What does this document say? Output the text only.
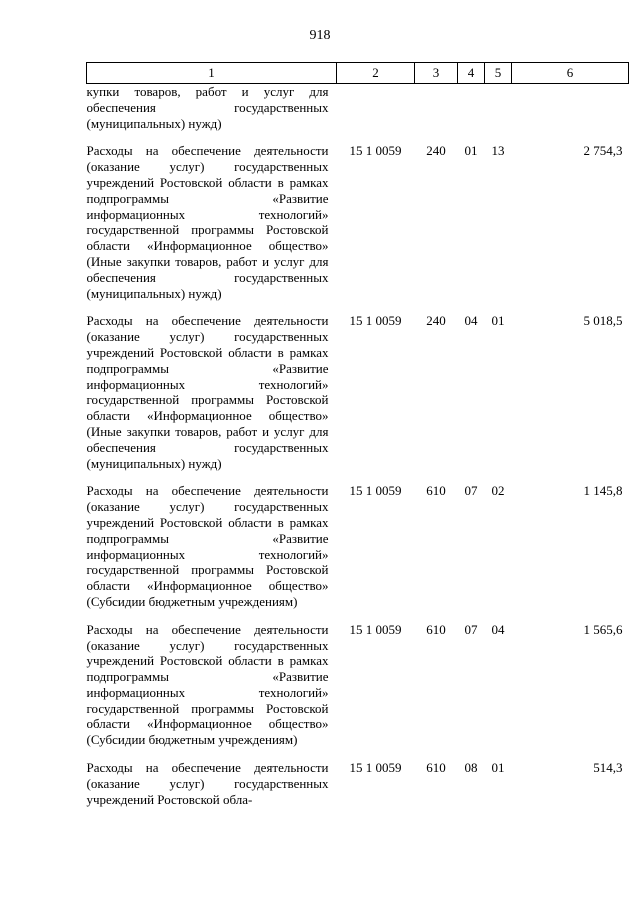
918
1	2	3	4	5	6
купки товаров, работ и услуг для обеспечения государственных (муниципальных) нужд)					
Расходы на обеспечение деятельности (оказание услуг) государственных учреждений Ростовской области в рамках подпрограммы «Развитие информационных технологий» государственной программы Ростовской области «Информационное общество» (Иные закупки товаров, работ и услуг для обеспечения государственных (муниципальных) нужд)	15 1 0059	240	01	13	2 754,3
Расходы на обеспечение деятельности (оказание услуг) государственных учреждений Ростовской области в рамках подпрограммы «Развитие информационных технологий» государственной программы Ростовской области «Информационное общество» (Иные закупки товаров, работ и услуг для обеспечения государственных (муниципальных) нужд)	15 1 0059	240	04	01	5 018,5
Расходы на обеспечение деятельности (оказание услуг) государственных учреждений Ростовской области в рамках подпрограммы «Развитие информационных технологий» государственной программы Ростовской области «Информационное общество» (Субсидии бюджетным учреждениям)	15 1 0059	610	07	02	1 145,8
Расходы на обеспечение деятельности (оказание услуг) государственных учреждений Ростовской области в рамках подпрограммы «Развитие информационных технологий» государственной программы Ростовской области «Информационное общество» (Субсидии бюджетным учреждениям)	15 1 0059	610	07	04	1 565,6
Расходы на обеспечение деятельности (оказание услуг) государственных учреждений Ростовской обла-	15 1 0059	610	08	01	514,3
